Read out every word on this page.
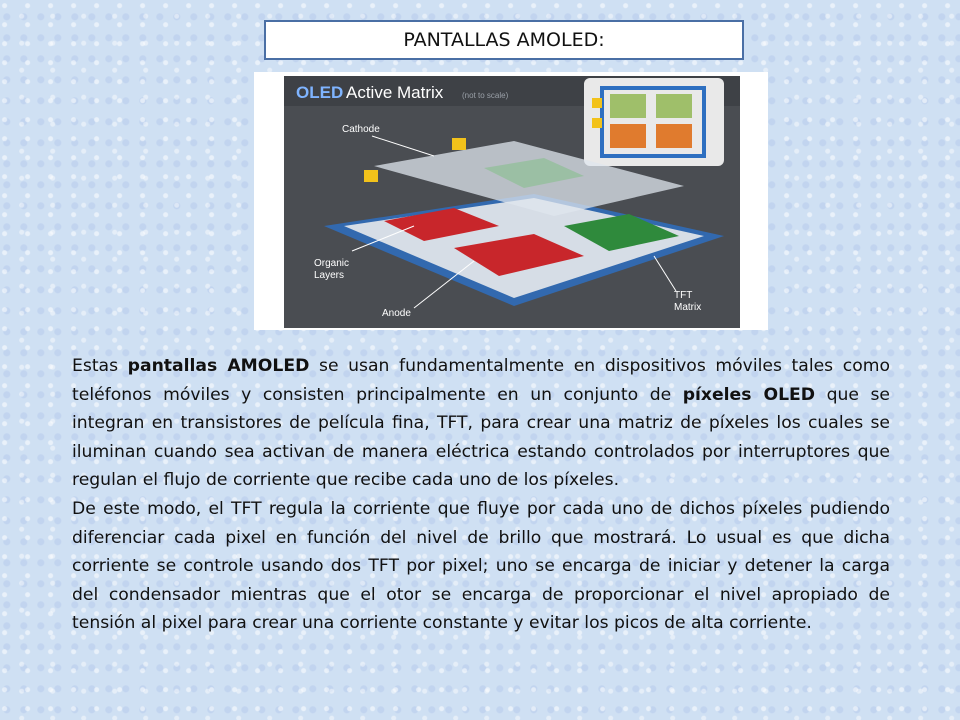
PANTALLAS AMOLED:
OLED Active Matrix (not to scale)
Cathode
Organic
Layers
Anode
TFT
Matrix

Estas pantallas AMOLED se usan fundamentalmente en dispositivos móviles tales como teléfonos móviles y consisten principalmente en un conjunto de píxeles OLED que se integran en transistores de película fina, TFT, para crear una matriz de píxeles los cuales se iluminan cuando sea activan de manera eléctrica estando controlados por interruptores que regulan el flujo de corriente que recibe cada uno de los píxeles.

De este modo, el TFT regula la corriente que fluye por cada uno de dichos píxeles pudiendo diferenciar cada pixel en función del nivel de brillo que mostrará. Lo usual es que dicha corriente se controle usando dos TFT por pixel; uno se encarga de iniciar y detener la carga del condensador mientras que el otor se encarga de proporcionar el nivel apropiado de tensión al pixel para crear una corriente constante y evitar los picos de alta corriente.
